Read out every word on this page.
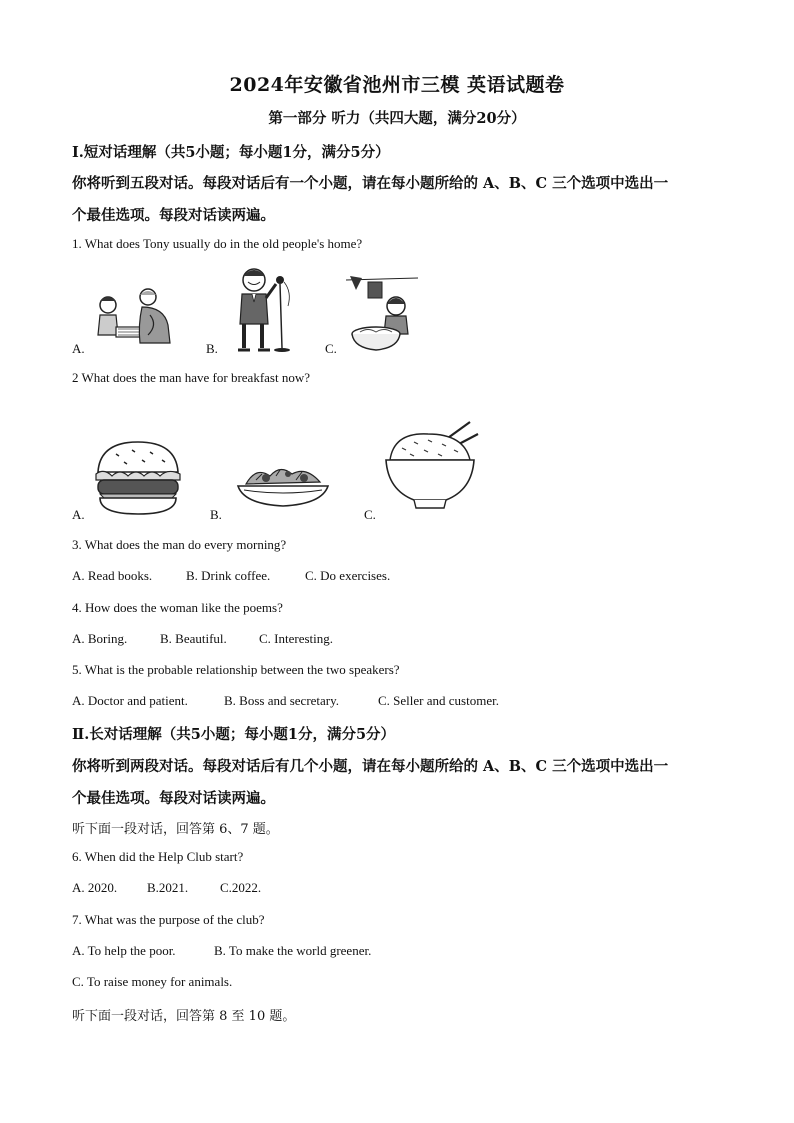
2024年安徽省池州市三模 英语试题卷
第一部分 听力（共四大题，满分20分）
Ⅰ.短对话理解（共5小题；每小题1分，满分5分）
你将听到五段对话。每段对话后有一个小题，请在每小题所给的 A、B、C 三个选项中选出一
个最佳选项。每段对话读两遍。
1. What does Tony usually do in the old people's home?
A.	B.	C.
2 What does the man have for breakfast now?
A.	B.	C.
3. What does the man do every morning?
A. Read books.	B. Drink coffee.	C. Do exercises.
4. How does the woman like the poems?
A. Boring.	B. Beautiful. C. Interesting.
5. What is the probable relationship between the two speakers?
A. Doctor and patient.	B. Boss and secretary.	C. Seller and customer.
Ⅱ.长对话理解（共5小题；每小题1分，满分5分）
你将听到两段对话。每段对话后有几个小题，请在每小题所给的 A、B、C 三个选项中选出一
个最佳选项。每段对话读两遍。
听下面一段对话，回答第 6、7 题。
6. When did the Help Club start?
A. 2020. B.2021. C.2022.
7. What was the purpose of the club?
A. To help the poor.	B. To make the world greener.
C. To raise money for animals.
听下面一段对话，回答第 8 至 10 题。
